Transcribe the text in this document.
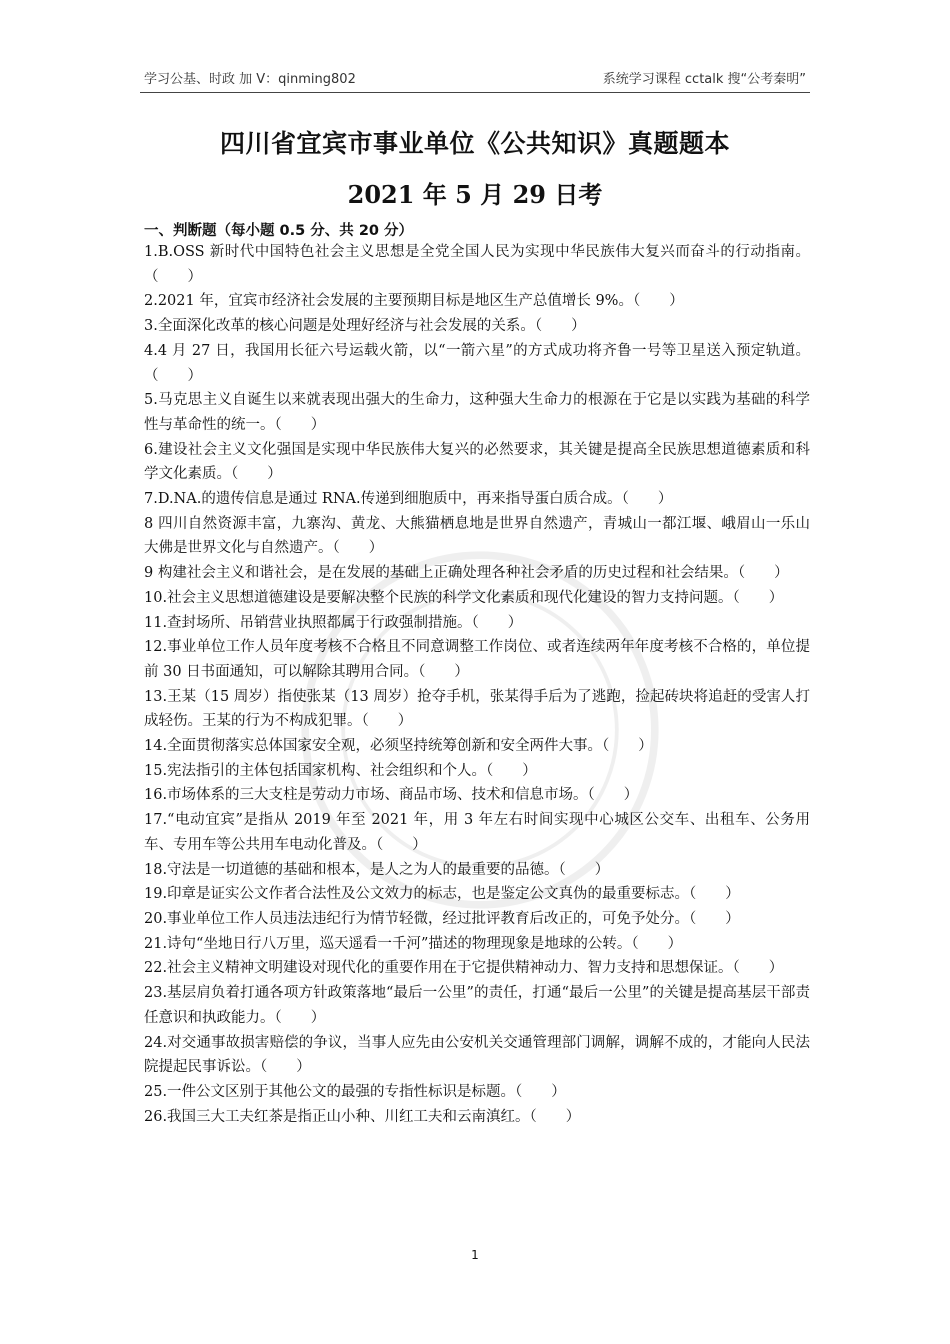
学习公基、时政 加 V：qinming802	系统学习课程 cctalk 搜“公考秦明”
四川省宜宾市事业单位《公共知识》真题题本
2021 年 5 月 29 日考
一、判断题（每小题 0.5 分、共 20 分）

1.B.OSS 新时代中国特色社会主义思想是全党全国人民为实现中华民族伟大复兴而奋斗的行动指南。（　　）

2.2021 年，宜宾市经济社会发展的主要预期目标是地区生产总值增长 9%。（　　）

3.全面深化改革的核心问题是处理好经济与社会发展的关系。（　　）

4.4 月 27 日，我国用长征六号运载火箭，以“一箭六星”的方式成功将齐鲁一号等卫星送入预定轨道。（　　）

5.马克思主义自诞生以来就表现出强大的生命力，这种强大生命力的根源在于它是以实践为基础的科学性与革命性的统一。（　　）

6.建设社会主义文化强国是实现中华民族伟大复兴的必然要求，其关键是提高全民族思想道德素质和科学文化素质。（　　）

7.D.NA.的遗传信息是通过 RNA.传递到细胞质中，再来指导蛋白质合成。（　　）

8 四川自然资源丰富，九寨沟、黄龙、大熊猫栖息地是世界自然遗产，青城山一都江堰、峨眉山一乐山大佛是世界文化与自然遗产。（　　）

9 构建社会主义和谐社会，是在发展的基础上正确处理各种社会矛盾的历史过程和社会结果。（　　）

10.社会主义思想道德建设是要解决整个民族的科学文化素质和现代化建设的智力支持问题。（　　）

11.查封场所、吊销营业执照都属于行政强制措施。（　　）

12.事业单位工作人员年度考核不合格且不同意调整工作岗位、或者连续两年年度考核不合格的，单位提前 30 日书面通知，可以解除其聘用合同。（　　）

13.王某（15 周岁）指使张某（13 周岁）抢夺手机，张某得手后为了逃跑，捡起砖块将追赶的受害人打成轻伤。王某的行为不构成犯罪。（　　）

14.全面贯彻落实总体国家安全观，必须坚持统筹创新和安全两件大事。（　　）

15.宪法指引的主体包括国家机构、社会组织和个人。（　　）

16.市场体系的三大支柱是劳动力市场、商品市场、技术和信息市场。（　　）

17.“电动宜宾”是指从 2019 年至 2021 年，用 3 年左右时间实现中心城区公交车、出租车、公务用车、专用车等公共用车电动化普及。（　　）

18.守法是一切道德的基础和根本，是人之为人的最重要的品德。（　　）

19.印章是证实公文作者合法性及公文效力的标志，也是鉴定公文真伪的最重要标志。（　　）

20.事业单位工作人员违法违纪行为情节轻微，经过批评教育后改正的，可免予处分。（　　）

21.诗句“坐地日行八万里，巡天遥看一千河”描述的物理现象是地球的公转。（　　）

22.社会主义精神文明建设对现代化的重要作用在于它提供精神动力、智力支持和思想保证。（　　）

23.基层肩负着打通各项方针政策落地“最后一公里”的责任，打通“最后一公里”的关键是提高基层干部责任意识和执政能力。（　　）

24.对交通事故损害赔偿的争议，当事人应先由公安机关交通管理部门调解，调解不成的，才能向人民法院提起民事诉讼。（　　）

25.一件公文区别于其他公文的最强的专指性标识是标题。（　　）

26.我国三大工夫红茶是指正山小种、川红工夫和云南滇红。（　　）

1
